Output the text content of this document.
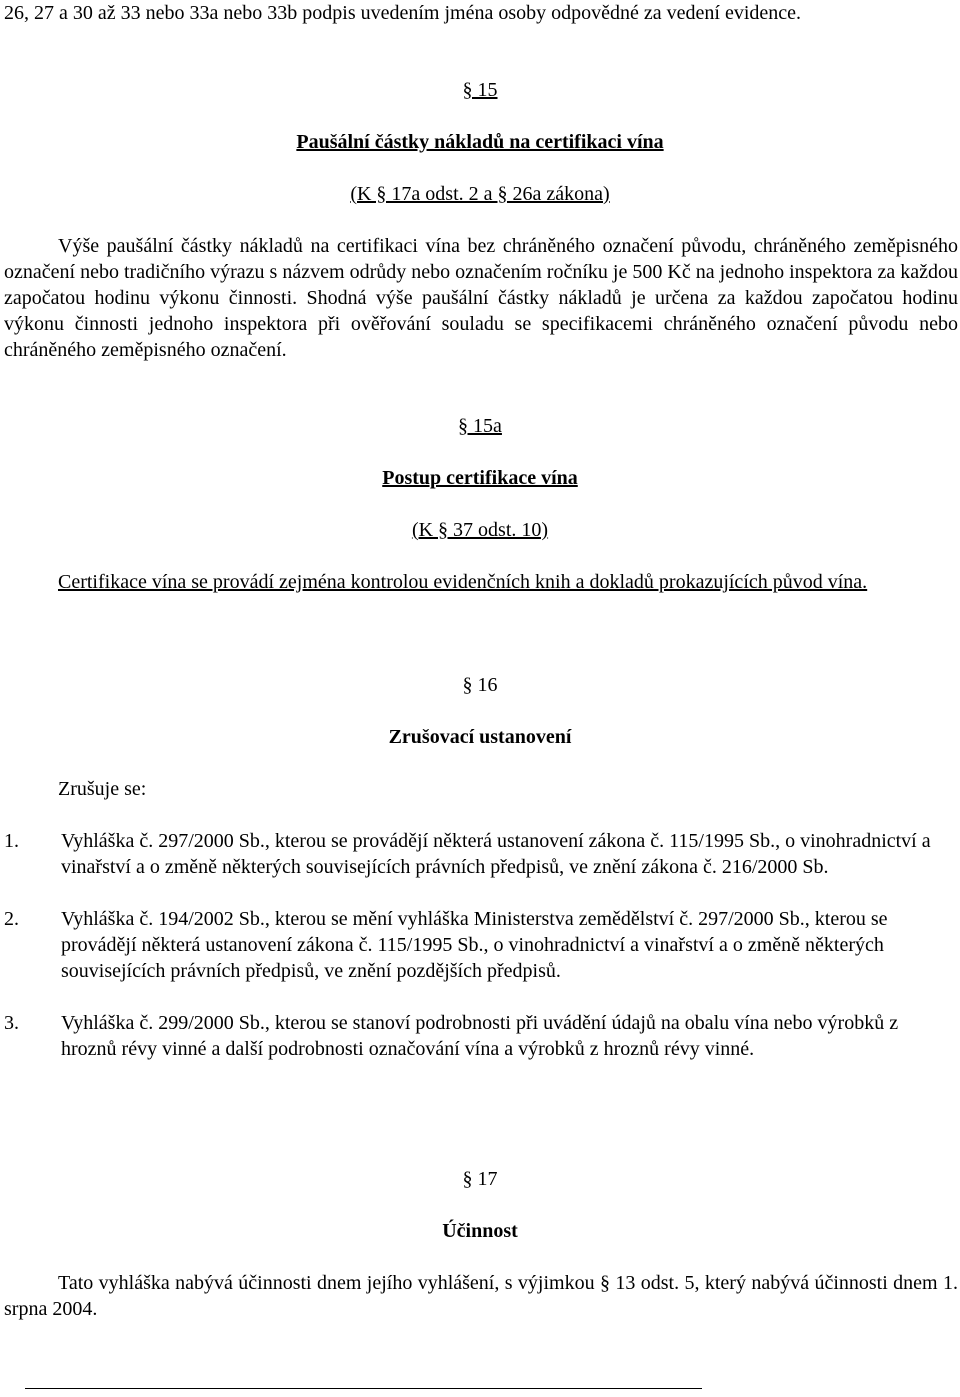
26, 27 a 30 až 33 nebo 33a nebo 33b podpis uvedením jména osoby odpovědné za vedení evidence.
§ 15
Paušální částky nákladů na certifikaci vína
(K § 17a odst. 2 a § 26a zákona)
Výše paušální částky nákladů na certifikaci vína bez chráněného označení původu, chráněného zeměpisného označení nebo tradičního výrazu s názvem odrůdy nebo označením ročníku je 500 Kč na jednoho inspektora za každou započatou hodinu výkonu činnosti. Shodná výše paušální částky nákladů je určena za každou započatou hodinu výkonu činnosti jednoho inspektora při ověřování souladu se specifikacemi chráněného označení původu nebo chráněného zeměpisného označení.
§ 15a
Postup certifikace vína
(K § 37 odst. 10)
Certifikace vína se provádí zejména kontrolou evidenčních knih a dokladů prokazujících původ vína.
§ 16
Zrušovací ustanovení
Zrušuje se:
1. Vyhláška č. 297/2000 Sb., kterou se provádějí některá ustanovení zákona č. 115/1995 Sb., o vinohradnictví a vinařství a o změně některých souvisejících právních předpisů, ve znění zákona č. 216/2000 Sb.
2. Vyhláška č. 194/2002 Sb., kterou se mění vyhláška Ministerstva zemědělství č. 297/2000 Sb., kterou se provádějí některá ustanovení zákona č. 115/1995 Sb., o vinohradnictví a vinařství a o změně některých souvisejících právních předpisů, ve znění pozdějších předpisů.
3. Vyhláška č. 299/2000 Sb., kterou se stanoví podrobnosti při uvádění údajů na obalu vína nebo výrobků z hroznů révy vinné a další podrobnosti označování vína a výrobků z hroznů révy vinné.
§ 17
Účinnost
Tato vyhláška nabývá účinnosti dnem jejího vyhlášení, s výjimkou § 13 odst. 5, který nabývá účinnosti dnem 1. srpna 2004.
